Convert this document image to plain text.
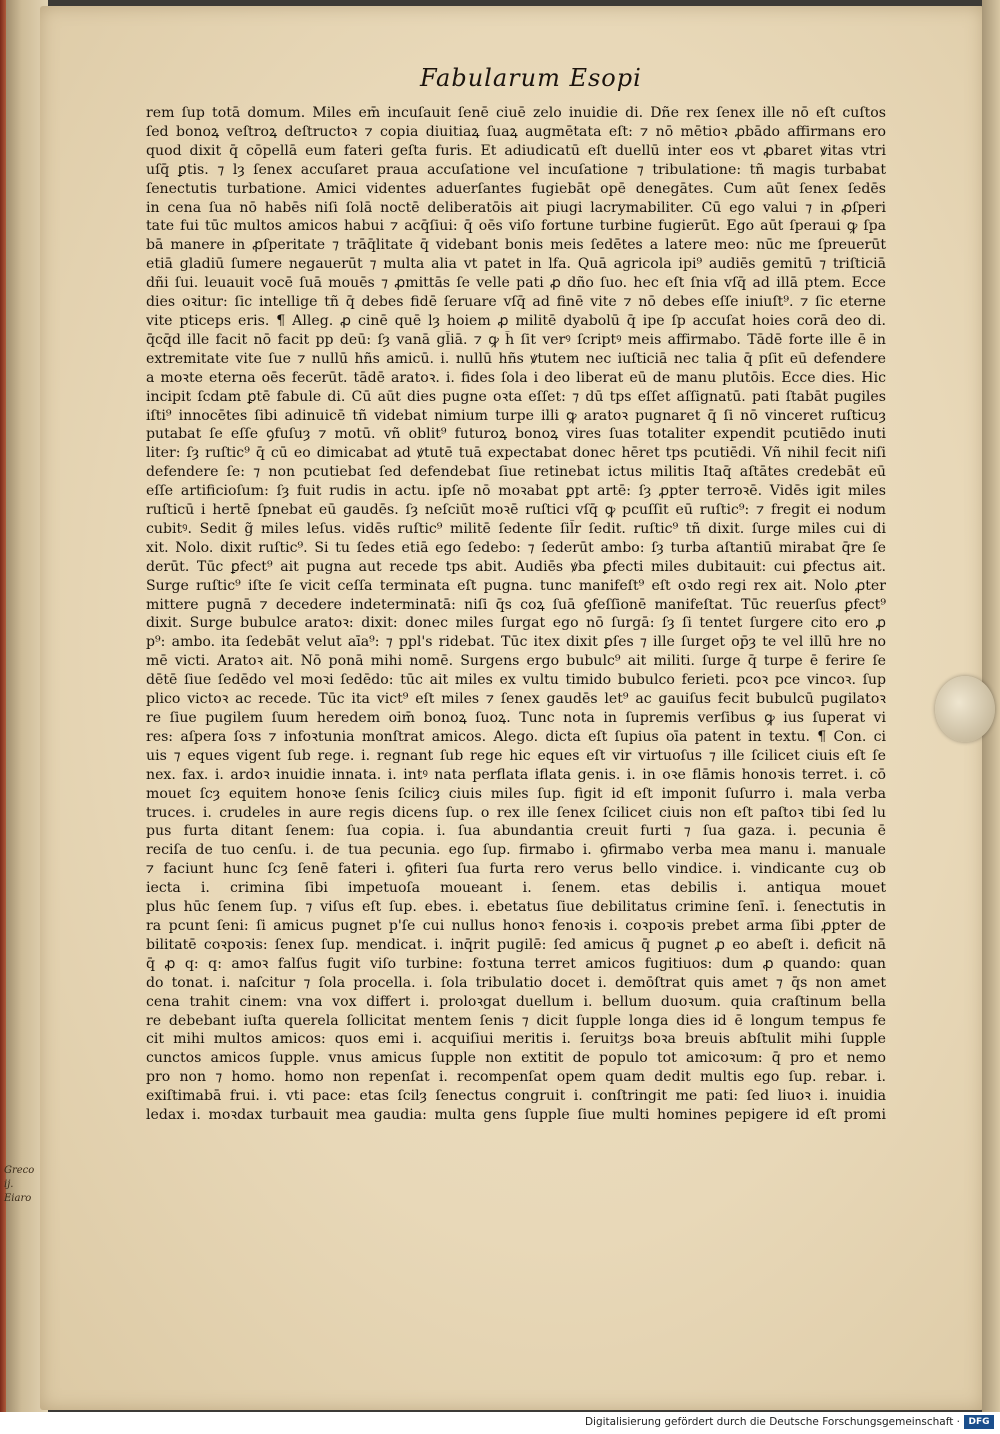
Fabularum Esopi
rem ſup totā domum. Miles em̄ incuſauit ſenē ciuē zelo inuidie di. Dñe rex ſenex ille nō eſt cuſtos
ſed bonoꝝ veſtroꝝ deſtructoꝛ ⁊ copia diuitiaꝝ ſuaꝝ augmētata eſt: ⁊ nō mētioꝛ ꝓbādo affirmans ero
quod dixit q̄ cōpellā eum fateri geſta furis. Et adiudicatū eſt duellū inter eos vt ꝓbaret ꝟitas vtri
uſq̄ ꝑtis. ⁊ lȝ ſenex accuſaret praua accuſatione vel incuſatione ⁊ tribulatione: tñ magis turbabat
ſenectutis turbatione. Amici videntes aduerſantes fugiebāt opē denegātes. Cum aūt ſenex ſedēs
in cena ſua nō habēs niſi ſolā noctē deliberatōis ait piugi lacrymabiliter. Cū ego valui ⁊ in ꝓſperi
tate fui tūc multos amicos habui ⁊ acq̄ſiui: q̄ oēs viſo fortune turbine fugierūt. Ego aūt ſperaui ꝙ ſpa
bā manere in ꝓſperitate ⁊ trāq̄litate q̄ videbant bonis meis ſedētes a latere meo: nūc me ſpreuerūt
etiā gladiū ſumere negauerūt ⁊ multa alia vt patet in lfa. Quā agricola ipi⁹ audiēs gemitū ⁊ triſticiā
dñi ſui. leuauit vocē ſuā mouēs ⁊ ꝓmittās ſe velle pati ꝓ dño ſuo. hec eſt ſnia vſq̄ ad illā ptem. Ecce
dies oꝛitur: ſic intellige tñ q̄ debes fidē ſeruare vſq̄ ad finē vite ⁊ nō debes eſſe iniuſt⁹. ⁊ ſic eterne
vite pticeps eris. ¶ Alleg. ꝓ cinē quē lȝ hoiem ꝓ militē dyabolū q̄ ipe ſp accuſat hoies corā deo di.
q̄cq̄d ille facit nō facit pp deū: ſȝ vanā gl̄iā. ⁊ ꝙ h̄ ſit verꝰ ſcriptꝰ meis affirmabo. Tādē forte ille ē in
extremitate vite ſue ⁊ nullū hñs amicū. i. nullū hñs ꝟtutem nec iuſticiā nec talia q̄ pſit eū defendere
a moꝛte eterna oēs fecerūt. tādē aratoꝛ. i. fides ſola i deo liberat eū de manu plutōis. Ecce dies. Hic
incipit ſcdam ꝑtē fabule di. Cū aūt dies pugne oꝛta eſſet: ⁊ dū tps eſſet aſſignatū. pati ſtabāt pugiles
iſti⁹ innocētes ſibi adinuicē tñ videbat nimium turpe illi ꝙ aratoꝛ pugnaret q̄ ſi nō vinceret ruſticuȝ
putabat ſe eſſe ꝯfuſuȝ ⁊ motū. vñ oblit⁹ futuroꝝ bonoꝝ vires ſuas totaliter expendit pcutiēdo inuti
liter: ſȝ ruſtic⁹ q̄ cū eo dimicabat ad ꝟtutē tuā expectabat donec hēret tps pcutiēdi. Vñ nihil fecit niſi
defendere ſe: ⁊ non pcutiebat ſed defendebat ſiue retinebat ictus militis Itaq̄ aſtātes credebāt eū
eſſe artificioſum: ſȝ fuit rudis in actu. ipſe nō moꝛabat ꝑpt artē: ſȝ ꝓpter terroꝛē. Vidēs igit miles
ruſticū i hertē ſpnebat eū gaudēs. ſȝ neſciūt moꝛē ruſtici vſq̄ ꝙ pcuſſit eū ruſtic⁹: ⁊ fregit ei nodum
cubitꝰ. Sedit g̃ miles leſus. vidēs ruſtic⁹ militē ſedente ſil̄r ſedit. ruſtic⁹ tñ dixit. ſurge miles cui di
xit. Nolo. dixit ruſtic⁹. Si tu ſedes etiā ego ſedebo: ⁊ ſederūt ambo: ſȝ turba aſtantiū mirabat q̄re ſe
derūt. Tūc ꝑfect⁹ ait pugna aut recede tps abit. Audiēs ꝟba ꝑfecti miles dubitauit: cui ꝑfectus ait.
Surge ruſtic⁹ iſte ſe vicit ceſſa terminata eſt pugna. tunc manifeſt⁹ eſt oꝛdo regi rex ait. Nolo ꝓter
mittere pugnā ⁊ decedere indeterminatā: niſi q̄s coꝝ ſuā ꝯfeſſionē manifeſtat. Tūc reuerſus ꝑfect⁹
dixit. Surge bubulce aratoꝛ: dixit: donec miles ſurgat ego nō ſurgā: ſȝ ſi tentet ſurgere cito ero ꝓ
p⁹: ambo. ita ſedebāt velut aīa⁹: ⁊ ppl's ridebat. Tūc itex dixit ꝑſes ⁊ ille ſurget op̄ȝ te vel illū hre no
mē victi. Aratoꝛ ait. Nō ponā mihi nomē. Surgens ergo bubulc⁹ ait militi. ſurge q̄ turpe ē ferire ſe
dētē ſiue ſedēdo vel moꝛi ſedēdo: tūc ait miles ex vultu timido bubulco ferieti. pcoꝛ pce vincoꝛ. ſup
plico victoꝛ ac recede. Tūc ita vict⁹ eſt miles ⁊ ſenex gaudēs let⁹ ac gauiſus fecit bubulcū pugilatoꝛ
re ſiue pugilem ſuum heredem oim̄ bonoꝝ ſuoꝝ. Tunc nota in ſupremis verſibus ꝙ ius ſuperat vi
res: aſpera ſoꝛs ⁊ infoꝛtunia monſtrat amicos. Alego. dicta eſt ſupius oīa patent in textu. ¶ Con. ci
uis ⁊ eques vigent ſub rege. i. regnant ſub rege hic eques eſt vir virtuoſus ⁊ ille ſcilicet ciuis eſt ſe
nex. fax. i. ardoꝛ inuidie innata. i. intꝰ nata perflata iflata genis. i. in oꝛe flāmis honoꝛis terret. i. cō
mouet ſcȝ equitem honoꝛe ſenis ſcilicȝ ciuis miles ſup. figit id eſt imponit ſuſurro i. mala verba
truces. i. crudeles in aure regis dicens ſup. o rex ille ſenex ſcilicet ciuis non eſt paſtoꝛ tibi ſed lu
pus furta ditant ſenem: ſua copia. i. ſua abundantia creuit furti ⁊ ſua gaza. i. pecunia ē
reciſa de tuo cenſu. i. de tua pecunia. ego ſup. firmabo i. ꝯfirmabo verba mea manu i. manuale
⁊ faciunt hunc ſcȝ ſenē fateri i. ꝯfiteri ſua furta rero verus bello vindice. i. vindicante cuȝ ob
iecta i. crimina ſibi impetuoſa moueant i. ſenem. etas debilis i. antiqua mouet
plus hūc ſenem ſup. ⁊ viſus eſt ſup. ebes. i. ebetatus ſiue debilitatus crimine ſenī. i. ſenectutis in
ra pcunt ſeni: ſi amicus pugnet p'ſe cui nullus honoꝛ fenoꝛis i. coꝛpoꝛis prebet arma ſibi ꝓpter de
bilitatē coꝛpoꝛis: ſenex ſup. mendicat. i. inq̄rit pugilē: ſed amicus q̄ pugnet ꝓ eo abeſt i. deficit nā
q̄ ꝓ q: q: amoꝛ falſus fugit viſo turbine: foꝛtuna terret amicos fugitiuos: dum ꝓ quando: quan
do tonat. i. naſcitur ⁊ ſola procella. i. ſola tribulatio docet i. demōſtrat quis amet ⁊ q̄s non amet
cena trahit cinem: vna vox differt i. proloꝛgat duellum i. bellum duoꝛum. quia craſtinum bella
re debebant iuſta querela ſollicitat mentem ſenis ⁊ dicit ſupple longa dies id ē longum tempus fe
cit mihi multos amicos: quos emi i. acquiſiui meritis i. ſeruitȝs boꝛa breuis abſtulit mihi ſupple
cunctos amicos ſupple. vnus amicus ſupple non extitit de populo tot amicoꝛum: q̄ pro et nemo
pro non ⁊ homo. homo non repenſat i. recompenſat opem quam dedit multis ego ſup. rebar. i.
exiſtimabā frui. i. vti pace: etas ſcilȝ ſenectus congruit i. conſtringit me pati: ſed liuoꝛ i. inuidia
ledax i. moꝛdax turbauit mea gaudia: multa gens ſupple ſiue multi homines pepigere id eſt promi
Greco
ij. Eiaro
Digitalisierung gefördert durch die Deutsche Forschungsgemeinschaft · DFG
